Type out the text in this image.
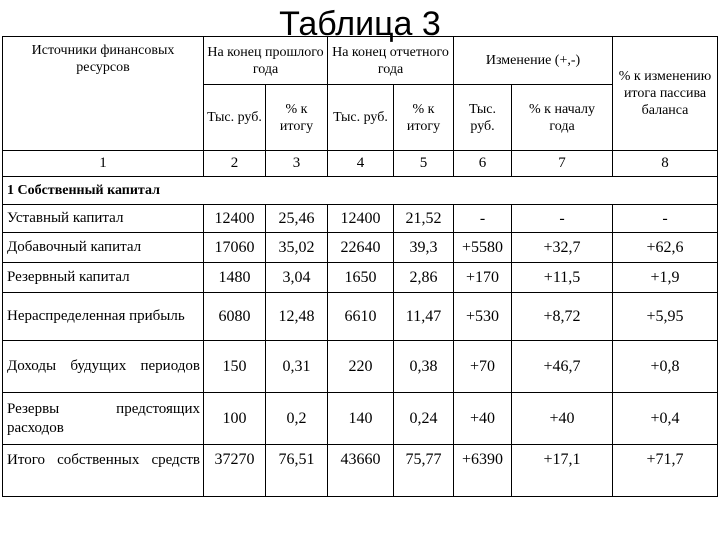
Таблица 3
Источники финансовых ресурсов	На конец прошлого года		На конец отчетного года		Изменение (+,-)		% к изменению итога пассива баланса
	Тыс. руб.	% к итогу	Тыс. руб.	% к итогу	Тыс. руб.	% к началу года	
1	2	3	4	5	6	7	8
1 Собственный капитал							
Уставный капитал	12400	25,46	12400	21,52	-	-	-
Добавочный капитал	17060	35,02	22640	39,3	+5580	+32,7	+62,6
Резервный капитал	1480	3,04	1650	2,86	+170	+11,5	+1,9
Нераспределенная прибыль	6080	12,48	6610	11,47	+530	+8,72	+5,95
Доходы будущих периодов	150	0,31	220	0,38	+70	+46,7	+0,8
Резервы предстоящих расходов	100	0,2	140	0,24	+40	+40	+0,4
Итого собственных средств	37270	76,51	43660	75,77	+6390	+17,1	+71,7
